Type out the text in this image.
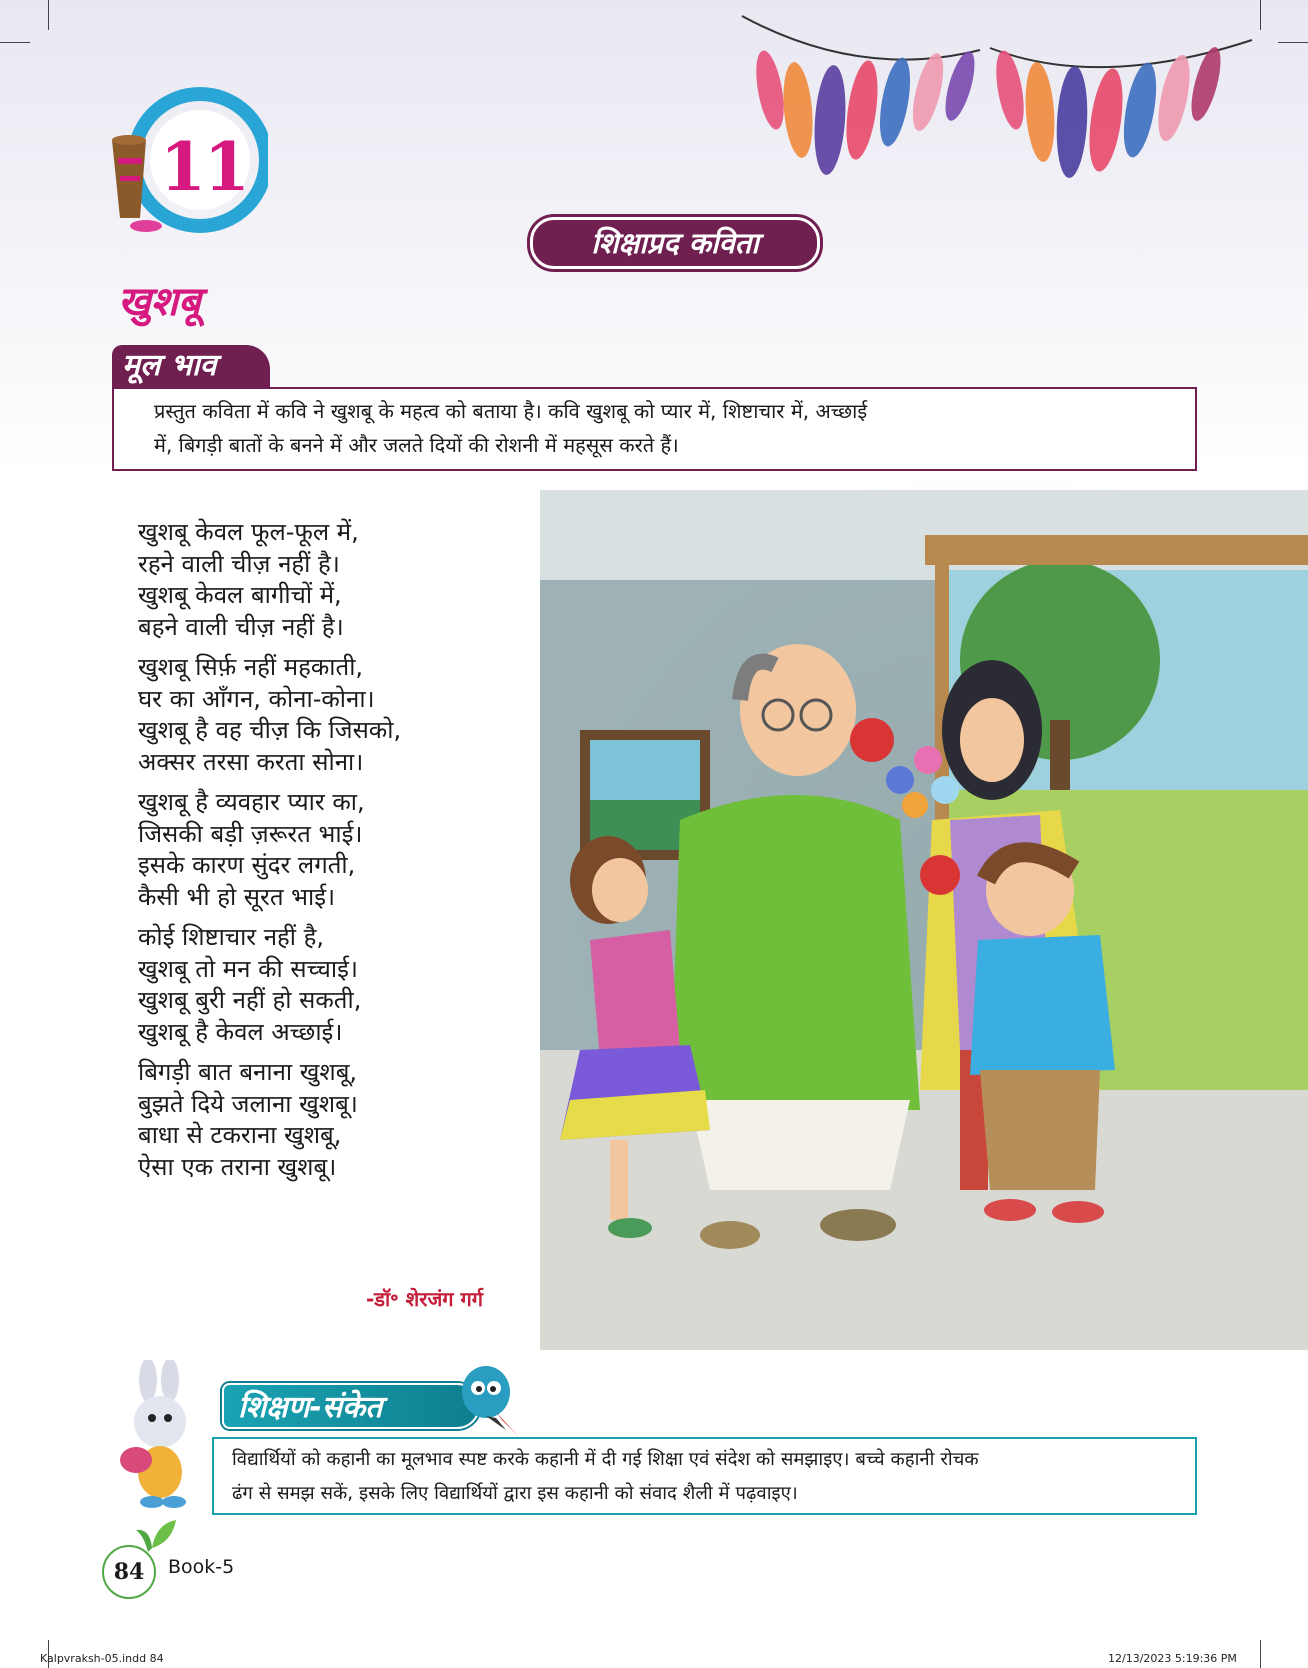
11
शिक्षाप्रद कविता
खुशबू
मूल भाव
प्रस्तुत कविता में कवि ने खुशबू के महत्व को बताया है। कवि खुशबू को प्यार में, शिष्टाचार में, अच्छाई
में, बिगड़ी बातों के बनने में और जलते दियों की रोशनी में महसूस करते हैं।
खुशबू केवल फूल-फूल में,
रहने वाली चीज़ नहीं है।
खुशबू केवल बागीचों में,
बहने वाली चीज़ नहीं है।
खुशबू सिर्फ़ नहीं महकाती,
घर का आँगन, कोना-कोना।
खुशबू है वह चीज़ कि जिसको,
अक्सर तरसा करता सोना।
खुशबू है व्यवहार प्यार का,
जिसकी बड़ी ज़रूरत भाई।
इसके कारण सुंदर लगती,
कैसी भी हो सूरत भाई।
कोई शिष्टाचार नहीं है,
खुशबू तो मन की सच्चाई।
खुशबू बुरी नहीं हो सकती,
खुशबू है केवल अच्छाई।
बिगड़ी बात बनाना खुशबू,
बुझते दिये जलाना खुशबू।
बाधा से टकराना खुशबू,
ऐसा एक तराना खुशबू।
-डॉ॰ शेरजंग गर्ग
शिक्षण-संकेत
विद्यार्थियों को कहानी का मूलभाव स्पष्ट करके कहानी में दी गई शिक्षा एवं संदेश को समझाइए। बच्चे कहानी रोचक
ढंग से समझ सकें, इसके लिए विद्यार्थियों द्वारा इस कहानी को संवाद शैली में पढ़वाइए।
84	Book-5
Kalpvraksh-05.indd 84	12/13/2023 5:19:36 PM
